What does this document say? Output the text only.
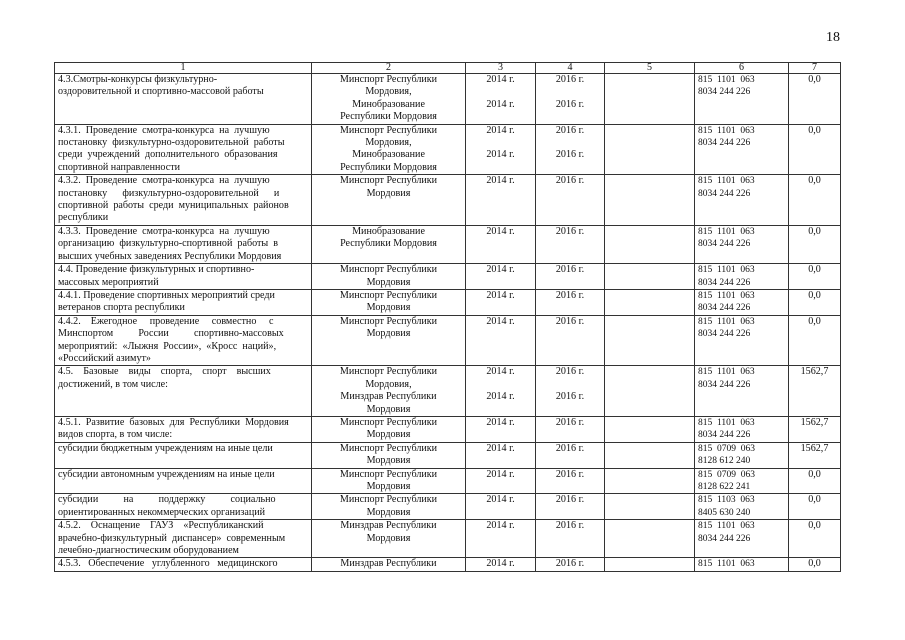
18
1	2	3	4	5	6	7

4.3.Смотры-конкурсы физкультурно-
оздоровительной и спортивно-массовой работы	Минспорт Республики
Мордовия,
Минобразование
Республики Мордовия	2014 г.
2014 г.	2016 г.
2016 г.		815  1101  063
8034 244 226	0,0

4.3.1.  Проведение  смотра-конкурса  на  лучшую
постановку  физкультурно-оздоровительной  работы
среди  учреждений  дополнительного  образования
спортивной направленности	Минспорт Республики
Мордовия,
Минобразование
Республики Мордовия	2014 г.
2014 г.	2016 г.
2016 г.		815  1101  063
8034 244 226	0,0

4.3.2.  Проведение  смотра-конкурса  на  лучшую
постановку      физкультурно-оздоровительной      и
спортивной  работы  среди  муниципальных  районов
республики	Минспорт Республики
Мордовия	2014 г.	2016 г.		815  1101  063
8034 244 226	0,0

4.3.3.  Проведение  смотра-конкурса  на  лучшую
организацию  физкультурно-спортивной  работы  в
высших учебных заведениях Республики Мордовия	Минобразование
Республики Мордовия	2014 г.	2016 г.		815  1101  063
8034 244 226	0,0

4.4. Проведение физкультурных и спортивно-
массовых мероприятий	Минспорт Республики
Мордовия	2014 г.	2016 г.		815  1101  063
8034 244 226	0,0

4.4.1. Проведение спортивных мероприятий среди
ветеранов спорта республики	Минспорт Республики
Мордовия	2014 г.	2016 г.		815  1101  063
8034 244 226	0,0

4.4.2.    Ежегодное     проведение     совместно     с
Минспортом          России          спортивно-массовых
мероприятий:  «Лыжня  России»,  «Кросс  наций»,
«Российский азимут»	Минспорт Республики
Мордовия	2014 г.	2016 г.		815  1101  063
8034 244 226	0,0

4.5.    Базовые    виды    спорта,    спорт    высших
достижений, в том числе:	Минспорт Республики
Мордовия,
Минздрав Республики
Мордовия	2014 г.
2014 г.	2016 г.
2016 г.		815  1101  063
8034 244 226	1562,7

4.5.1.  Развитие  базовых  для  Республики  Мордовия
видов спорта, в том числе:	Минспорт Республики
Мордовия	2014 г.	2016 г.		815  1101  063
8034 244 226	1562,7

субсидии бюджетным учреждениям на иные цели	Минспорт Республики
Мордовия	2014 г.	2016 г.		815  0709  063
8128 612 240	1562,7

субсидии автономным учреждениям на иные цели	Минспорт Республики
Мордовия	2014 г.	2016 г.		815  0709  063
8128 622 241	0,0

субсидии          на          поддержку          социально
ориентированных некоммерческих организаций	Минспорт Республики
Мордовия	2014 г.	2016 г.		815  1103  063
8405 630 240	0,0

4.5.2.    Оснащение    ГАУЗ    «Республиканский
врачебно-физкультурный  диспансер»  современным
лечебно-диагностическим оборудованием	Минздрав Республики
Мордовия	2014 г.	2016 г.		815  1101  063
8034 244 226	0,0

4.5.3.   Обеспечение   углубленного   медицинского	Минздрав Республики	2014 г.	2016 г.		815  1101  063	0,0
